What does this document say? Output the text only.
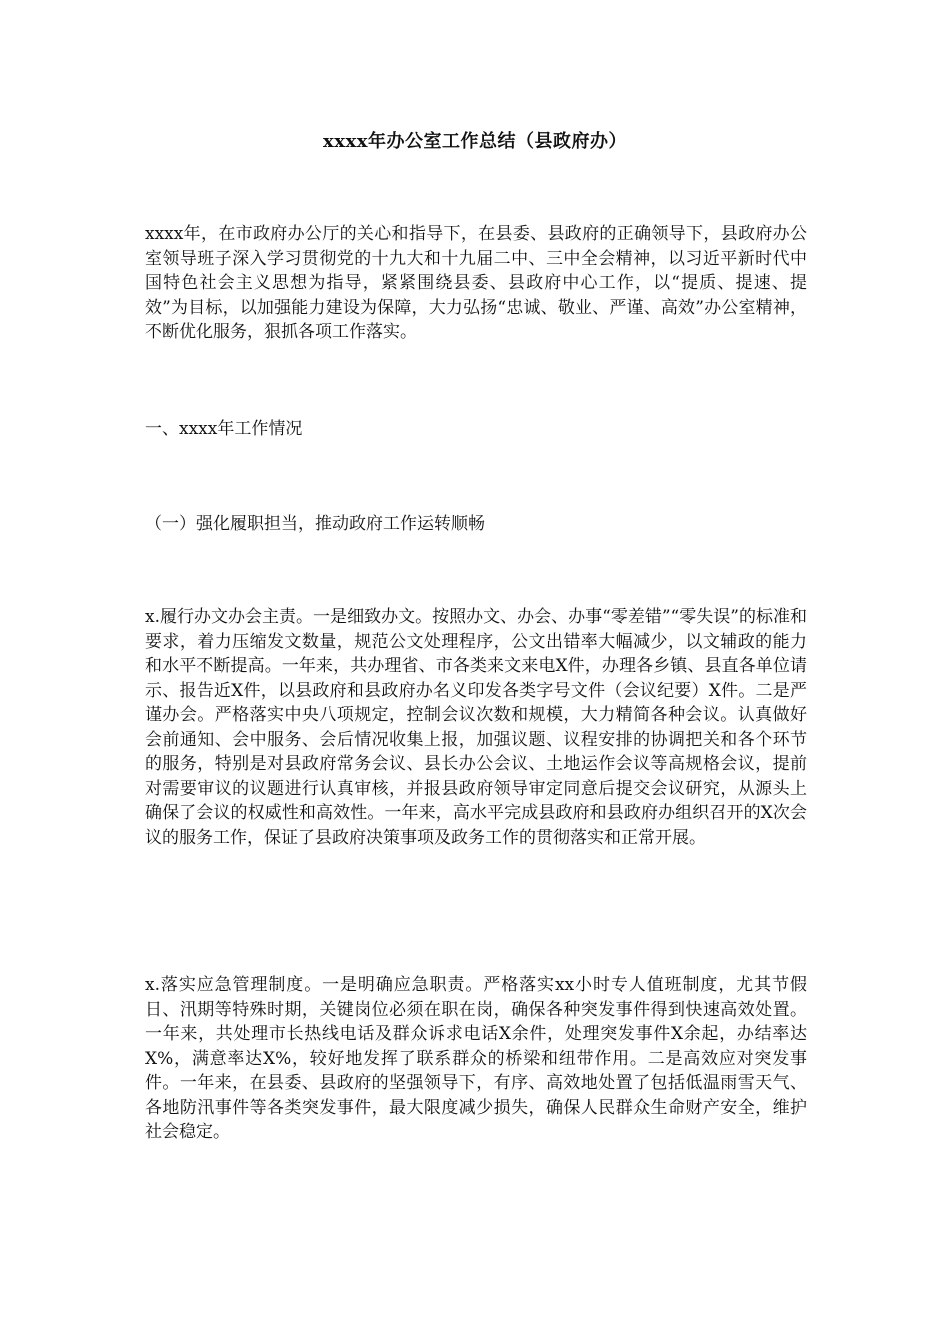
xxxx年办公室工作总结（县政府办）

xxxx年，在市政府办公厅的关心和指导下，在县委、县政府的正确领导下，县政府办公室领导班子深入学习贯彻党的十九大和十九届二中、三中全会精神，以习近平新时代中国特色社会主义思想为指导，紧紧围绕县委、县政府中心工作，以“提质、提速、提效”为目标，以加强能力建设为保障，大力弘扬“忠诚、敬业、严谨、高效”办公室精神，不断优化服务，狠抓各项工作落实。

一、xxxx年工作情况

（一）强化履职担当，推动政府工作运转顺畅

x.履行办文办会主责。一是细致办文。按照办文、办会、办事“零差错”“零失误”的标准和要求，着力压缩发文数量，规范公文处理程序，公文出错率大幅减少，以文辅政的能力和水平不断提高。一年来，共办理省、市各类来文来电X件，办理各乡镇、县直各单位请示、报告近X件，以县政府和县政府办名义印发各类字号文件（会议纪要）X件。二是严谨办会。严格落实中央八项规定，控制会议次数和规模，大力精简各种会议。认真做好会前通知、会中服务、会后情况收集上报，加强议题、议程安排的协调把关和各个环节的服务，特别是对县政府常务会议、县长办公会议、土地运作会议等高规格会议，提前对需要审议的议题进行认真审核，并报县政府领导审定同意后提交会议研究，从源头上确保了会议的权威性和高效性。一年来，高水平完成县政府和县政府办组织召开的X次会议的服务工作，保证了县政府决策事项及政务工作的贯彻落实和正常开展。

x.落实应急管理制度。一是明确应急职责。严格落实xx小时专人值班制度，尤其节假日、汛期等特殊时期，关键岗位必须在职在岗，确保各种突发事件得到快速高效处置。一年来，共处理市长热线电话及群众诉求电话X余件，处理突发事件X余起，办结率达X%，满意率达X%，较好地发挥了联系群众的桥梁和纽带作用。二是高效应对突发事件。一年来，在县委、县政府的坚强领导下，有序、高效地处置了包括低温雨雪天气、各地防汛事件等各类突发事件，最大限度减少损失，确保人民群众生命财产安全，维护社会稳定。
